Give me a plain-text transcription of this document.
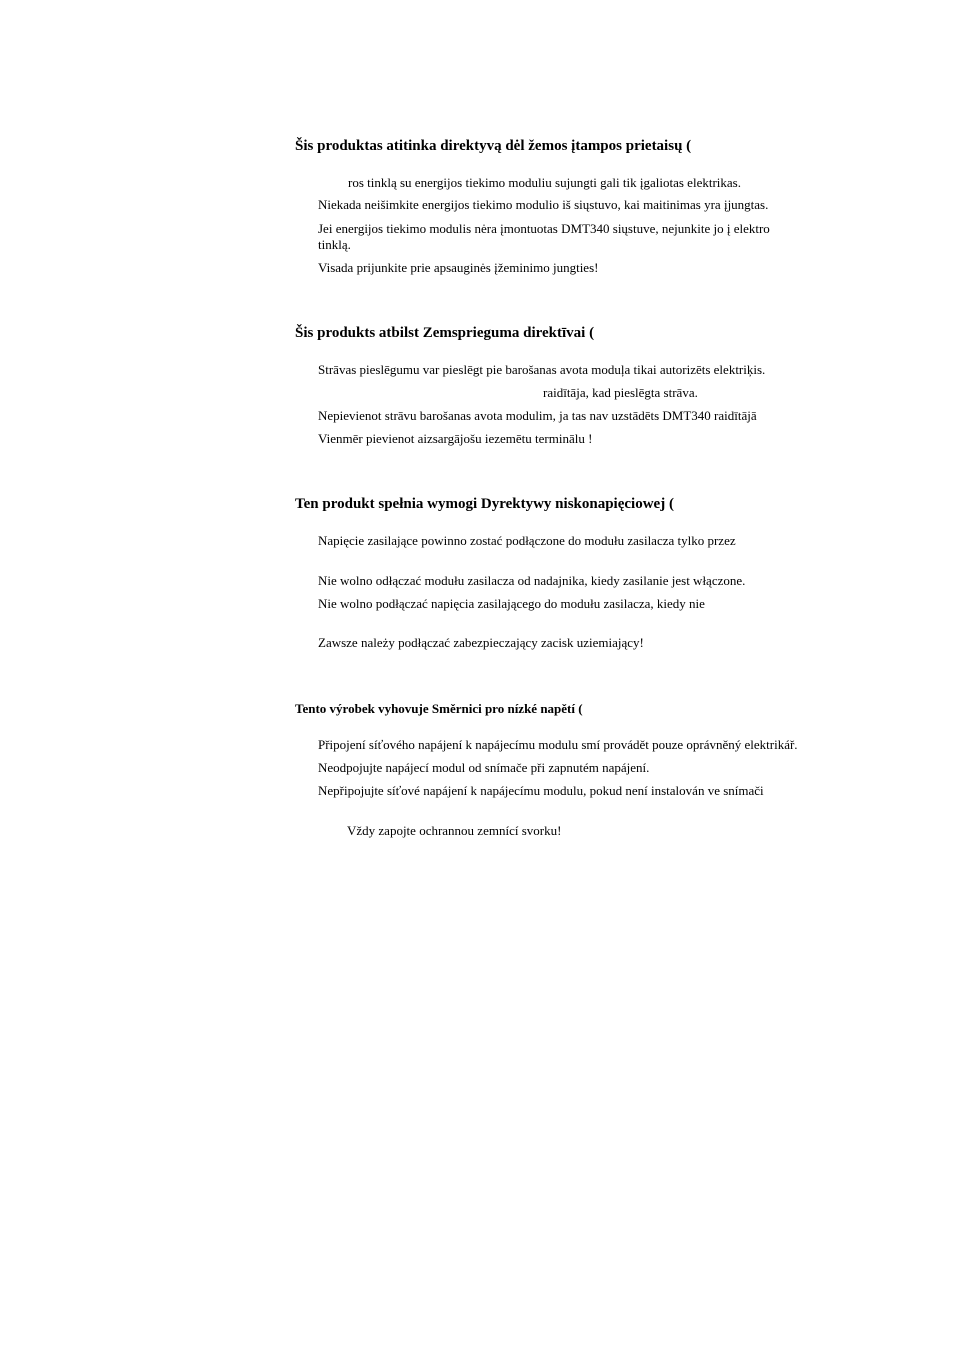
Šis produktas atitinka direktyvą dėl žemos įtampos prietaisų (

ros tinklą su energijos tiekimo moduliu sujungti gali tik įgaliotas elektrikas.

Niekada neišimkite energijos tiekimo modulio iš siųstuvo, kai maitinimas yra įjungtas.

Jei energijos tiekimo modulis nėra įmontuotas DMT340 siųstuve, nejunkite jo į elektro

tinklą.

Visada prijunkite prie apsauginės įžeminimo jungties!

Šis produkts atbilst Zemsprieguma direktīvai (

Strāvas pieslēgumu var pieslēgt pie barošanas avota moduļa tikai autorizēts elektriķis.

raidītāja, kad pieslēgta strāva.

Nepievienot strāvu barošanas avota modulim, ja tas nav uzstādēts DMT340 raidītājā

Vienmēr pievienot aizsargājošu iezemētu terminālu !

Ten produkt spełnia wymogi Dyrektywy niskonapięciowej (

Napięcie zasilające powinno zostać podłączone do modułu zasilacza tylko przez

Nie wolno odłączać modułu zasilacza od nadajnika, kiedy zasilanie jest włączone.

Nie wolno podłączać napięcia zasilającego do modułu zasilacza, kiedy nie

Zawsze należy podłączać zabezpieczający zacisk uziemiający!

Tento výrobek vyhovuje Směrnici pro nízké napětí (

Připojení síťového napájení k napájecímu modulu smí provádět pouze oprávněný elektrikář.

Neodpojujte napájecí modul od snímače při zapnutém napájení.

Nepřipojujte síťové napájení k napájecímu modulu, pokud není instalován ve snímači

Vždy zapojte ochrannou zemnící svorku!
